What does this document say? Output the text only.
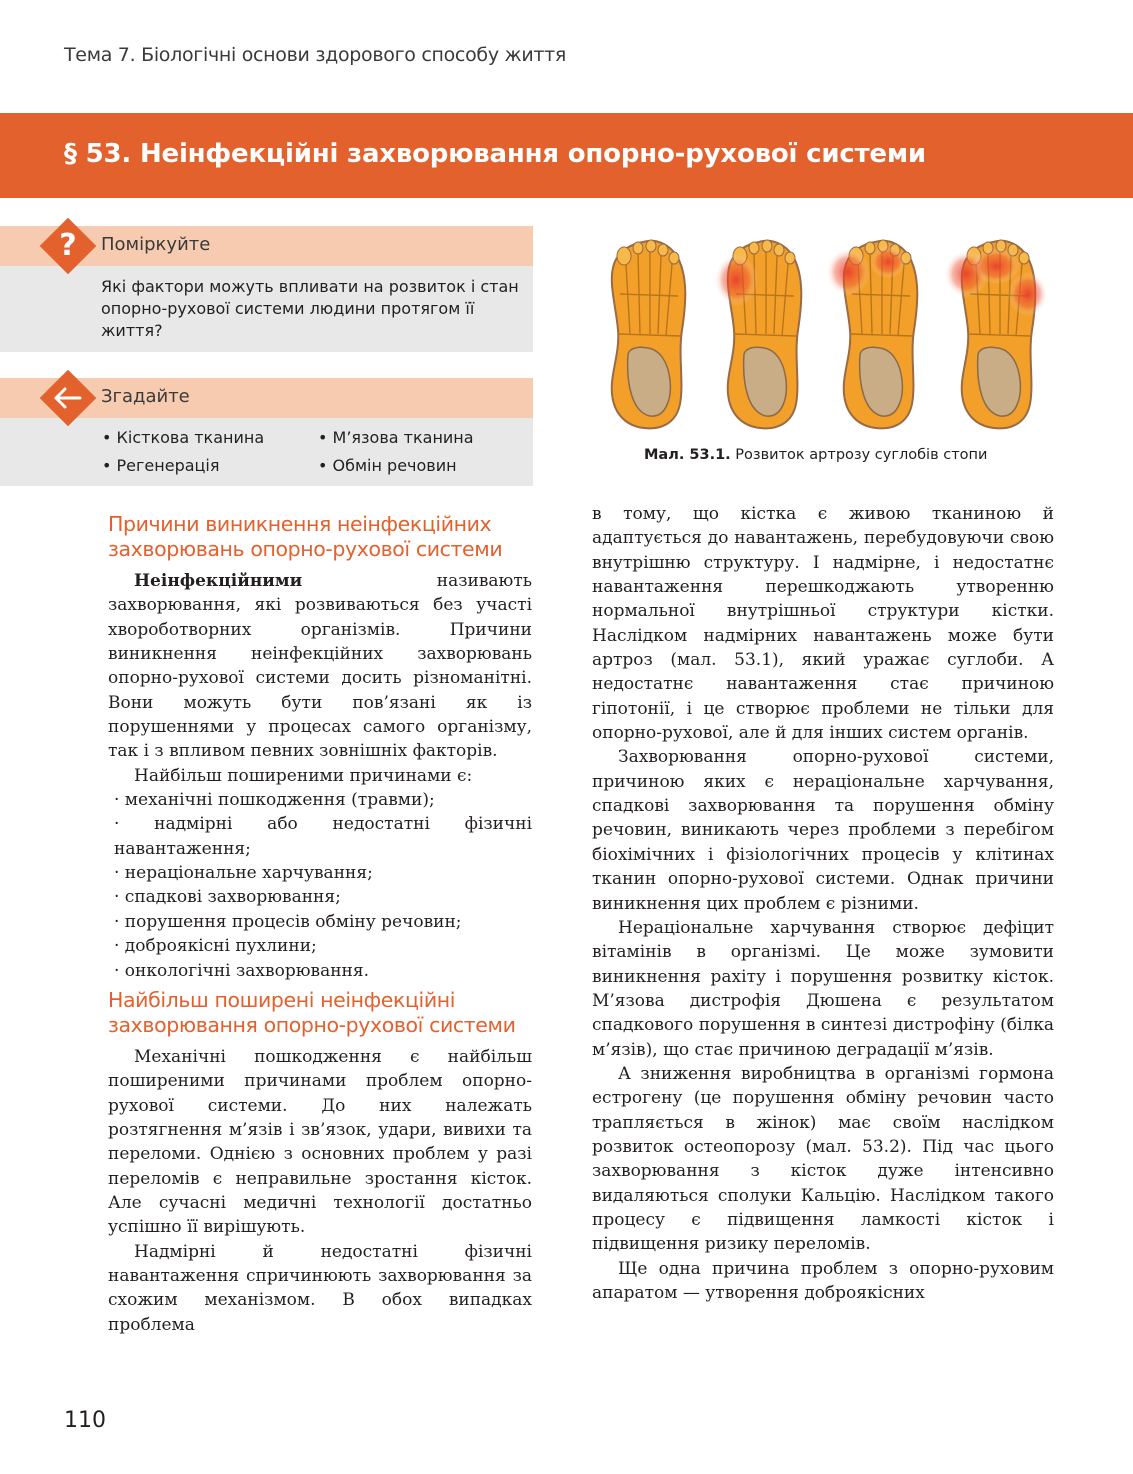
Тема 7. Біологічні основи здорового способу життя
§ 53. Неінфекційні захворювання опорно-рухової системи
Поміркуйте
?
Які фактори можуть впливати на розвиток і стан опорно-рухової системи людини протягом її життя?
Згадайте
• Кісткова тканина	• М’язова тканина
• Регенерація	• Обмін речовин
Мал. 53.1. Розвиток артрозу суглобів стопи
Причини виникнення неінфекційних захворювань опорно-рухової системи

Неінфекційними називають захворювання, які розвиваються без участі хвороботворних організмів. Причини виникнення неінфекційних захворювань опорно-рухової системи досить різноманітні. Вони можуть бути пов’язані як із порушеннями у процесах самого організму, так і з впливом певних зовнішніх факторів.

Найбільш поширеними причинами є:

· механічні пошкодження (травми);

· надмірні або недостатні фізичні навантаження;

· нераціональне харчування;

· спадкові захворювання;

· порушення процесів обміну речовин;

· доброякісні пухлини;

· онкологічні захворювання.

Найбільш поширені неінфекційні захворювання опорно-рухової системи

Механічні пошкодження є найбільш поширеними причинами проблем опорно-рухової системи. До них належать розтягнення м’язів і зв’язок, удари, вивихи та переломи. Однією з основних проблем у разі переломів є неправильне зростання кісток. Але сучасні медичні технології достатньо успішно її вирішують.

Надмірні й недостатні фізичні навантаження спричинюють захворювання за схожим механізмом. В обох випадках проблема

в тому, що кістка є живою тканиною й адаптується до навантажень, перебудовуючи свою внутрішню структуру. І надмірне, і недостатнє навантаження перешкоджають утворенню нормальної внутрішньої структури кістки. Наслідком надмірних навантажень може бути артроз (мал. 53.1), який уражає суглоби. А недостатнє навантаження стає причиною гіпотонії, і це створює проблеми не тільки для опорно-рухової, але й для інших систем органів.

Захворювання опорно-рухової системи, причиною яких є нераціональне харчування, спадкові захворювання та порушення обміну речовин, виникають через проблеми з перебігом біохімічних і фізіологічних процесів у клітинах тканин опорно-рухової системи. Однак причини виникнення цих проблем є різними.

Нераціональне харчування створює дефіцит вітамінів в організмі. Це може зумовити виникнення рахіту і порушення розвитку кісток. М’язова дистрофія Дюшена є результатом спадкового порушення в синтезі дистрофіну (білка м’язів), що стає причиною деградації м’язів.

А зниження виробництва в організмі гормона естрогену (це порушення обміну речовин часто трапляється в жінок) має своїм наслідком розвиток остеопорозу (мал. 53.2). Під час цього захворювання з кісток дуже інтенсивно видаляються сполуки Кальцію. Наслідком такого процесу є підвищення ламкості кісток і підвищення ризику переломів.

Ще одна причина проблем з опорно-руховим апаратом — утворення доброякісних

110
